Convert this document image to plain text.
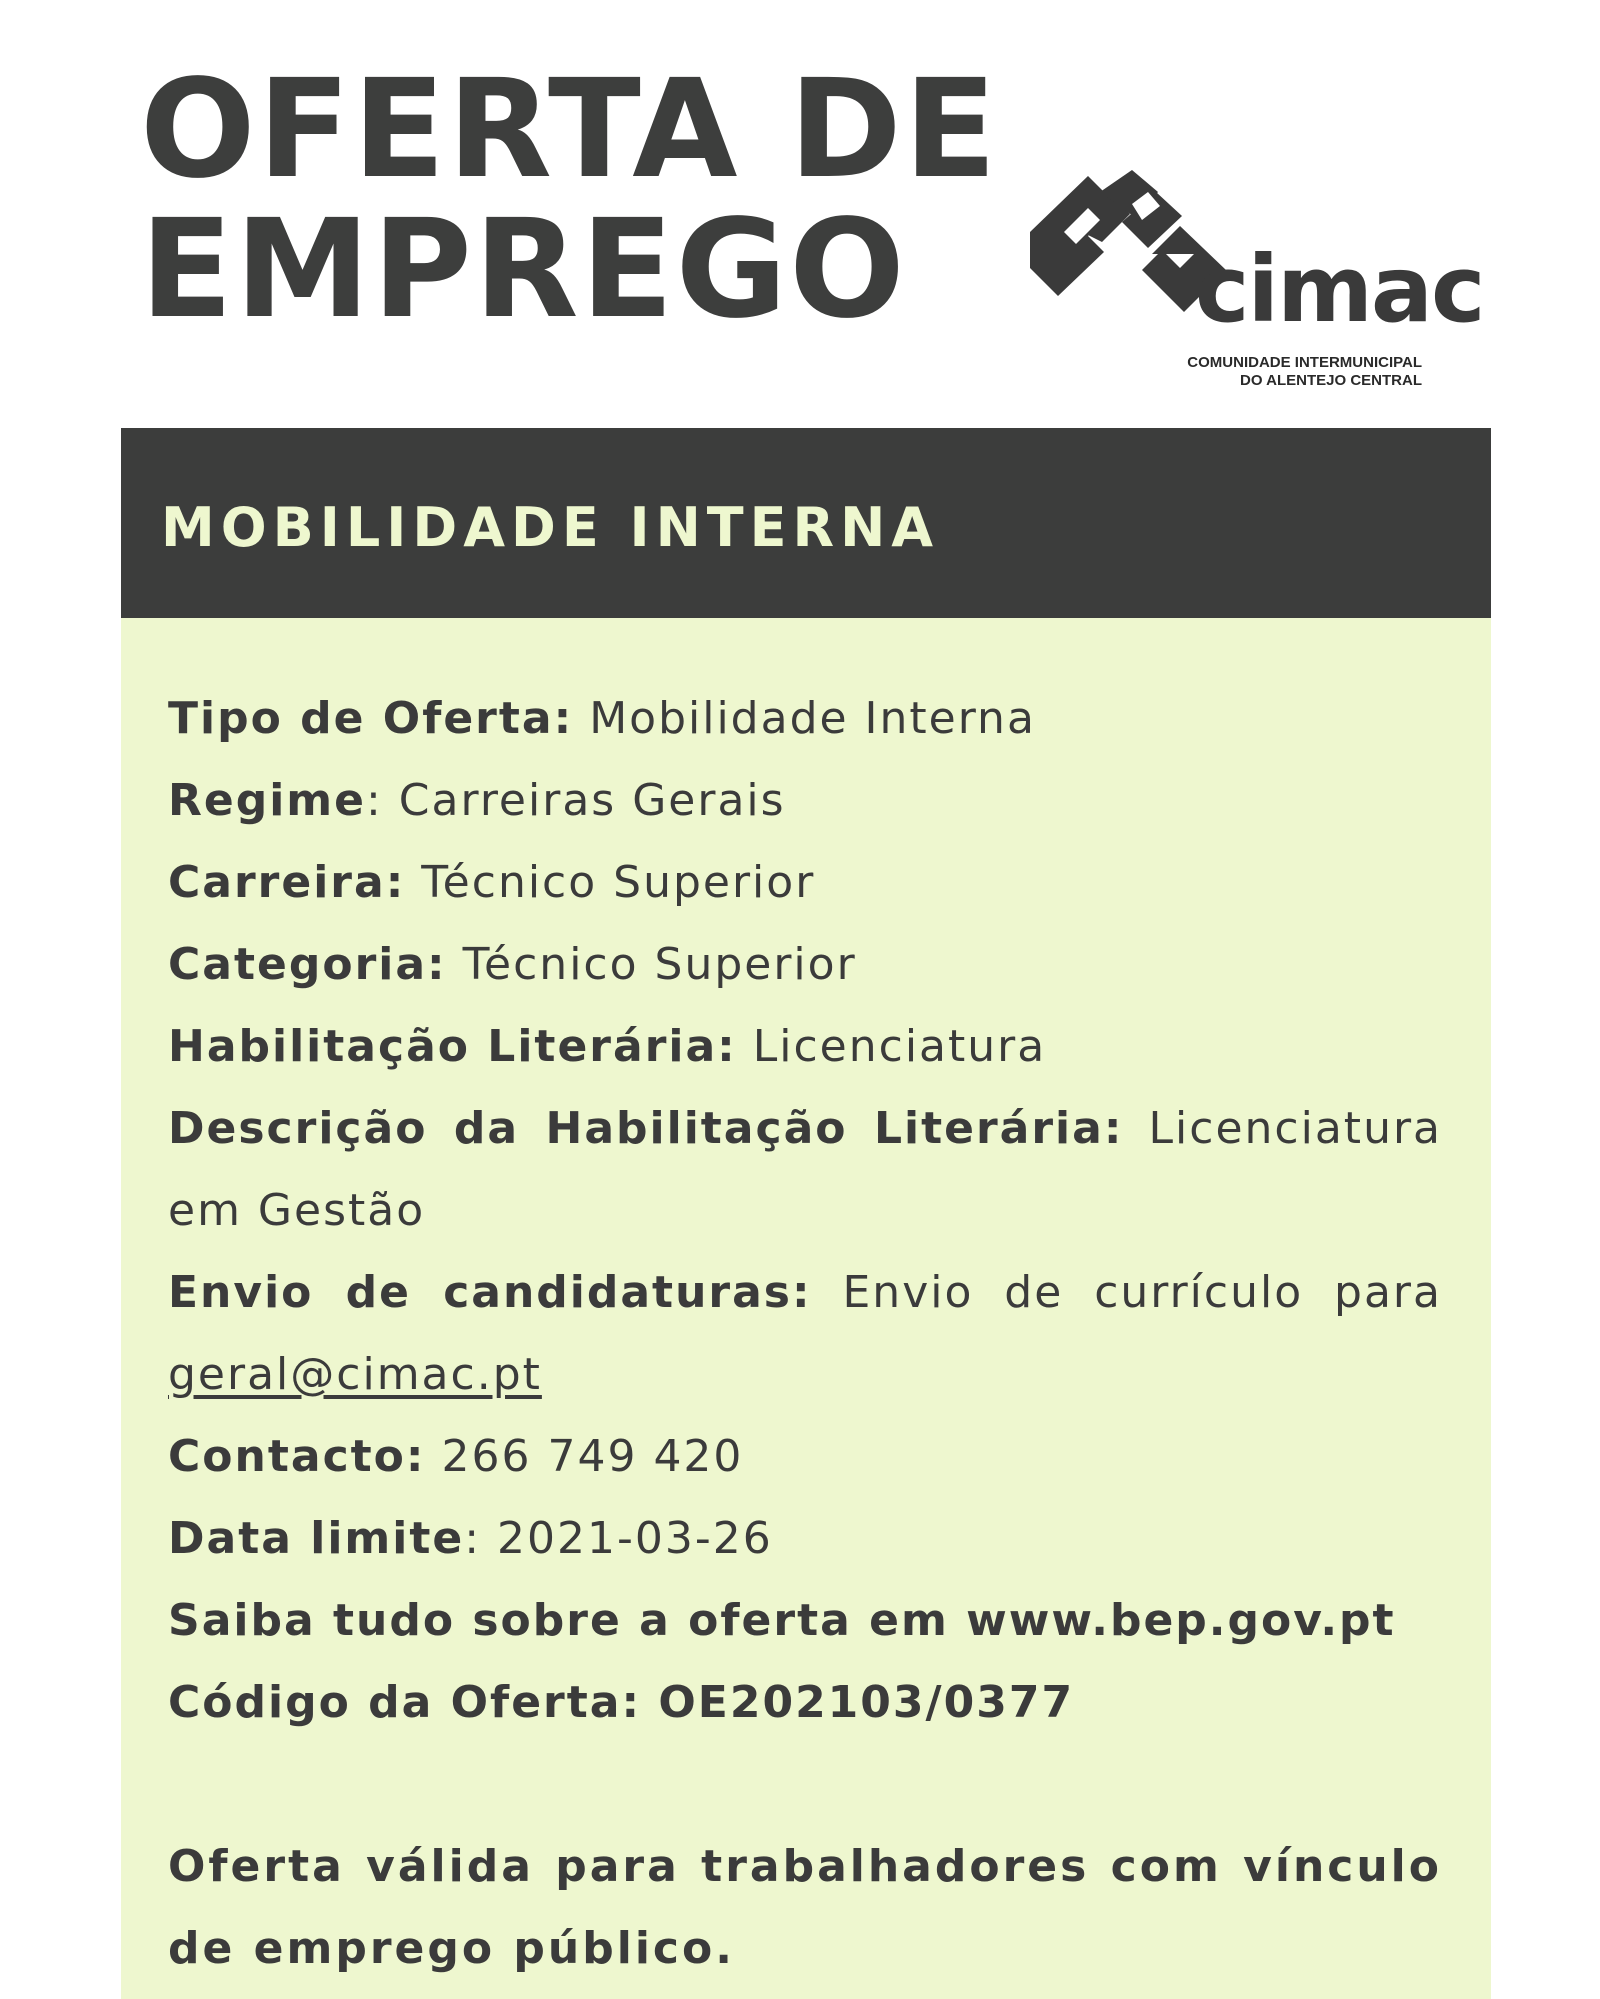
OFERTA DE
EMPREGO	cimac
COMUNIDADE INTERMUNICIPAL
DO ALENTEJO CENTRAL
MOBILIDADE INTERNA

Tipo de Oferta: Mobilidade Interna

Regime: Carreiras Gerais

Carreira: Técnico Superior

Categoria: Técnico Superior

Habilitação Literária: Licenciatura

Descrição da Habilitação Literária: Licenciatura em Gestão

Envio de candidaturas: Envio de currículo para geral@cimac.pt

Contacto: 266 749 420

Data limite: 2021-03-26

Saiba tudo sobre a oferta em www.bep.gov.pt

Código da Oferta: OE202103/0377

Oferta válida para trabalhadores com vínculo de emprego público.
